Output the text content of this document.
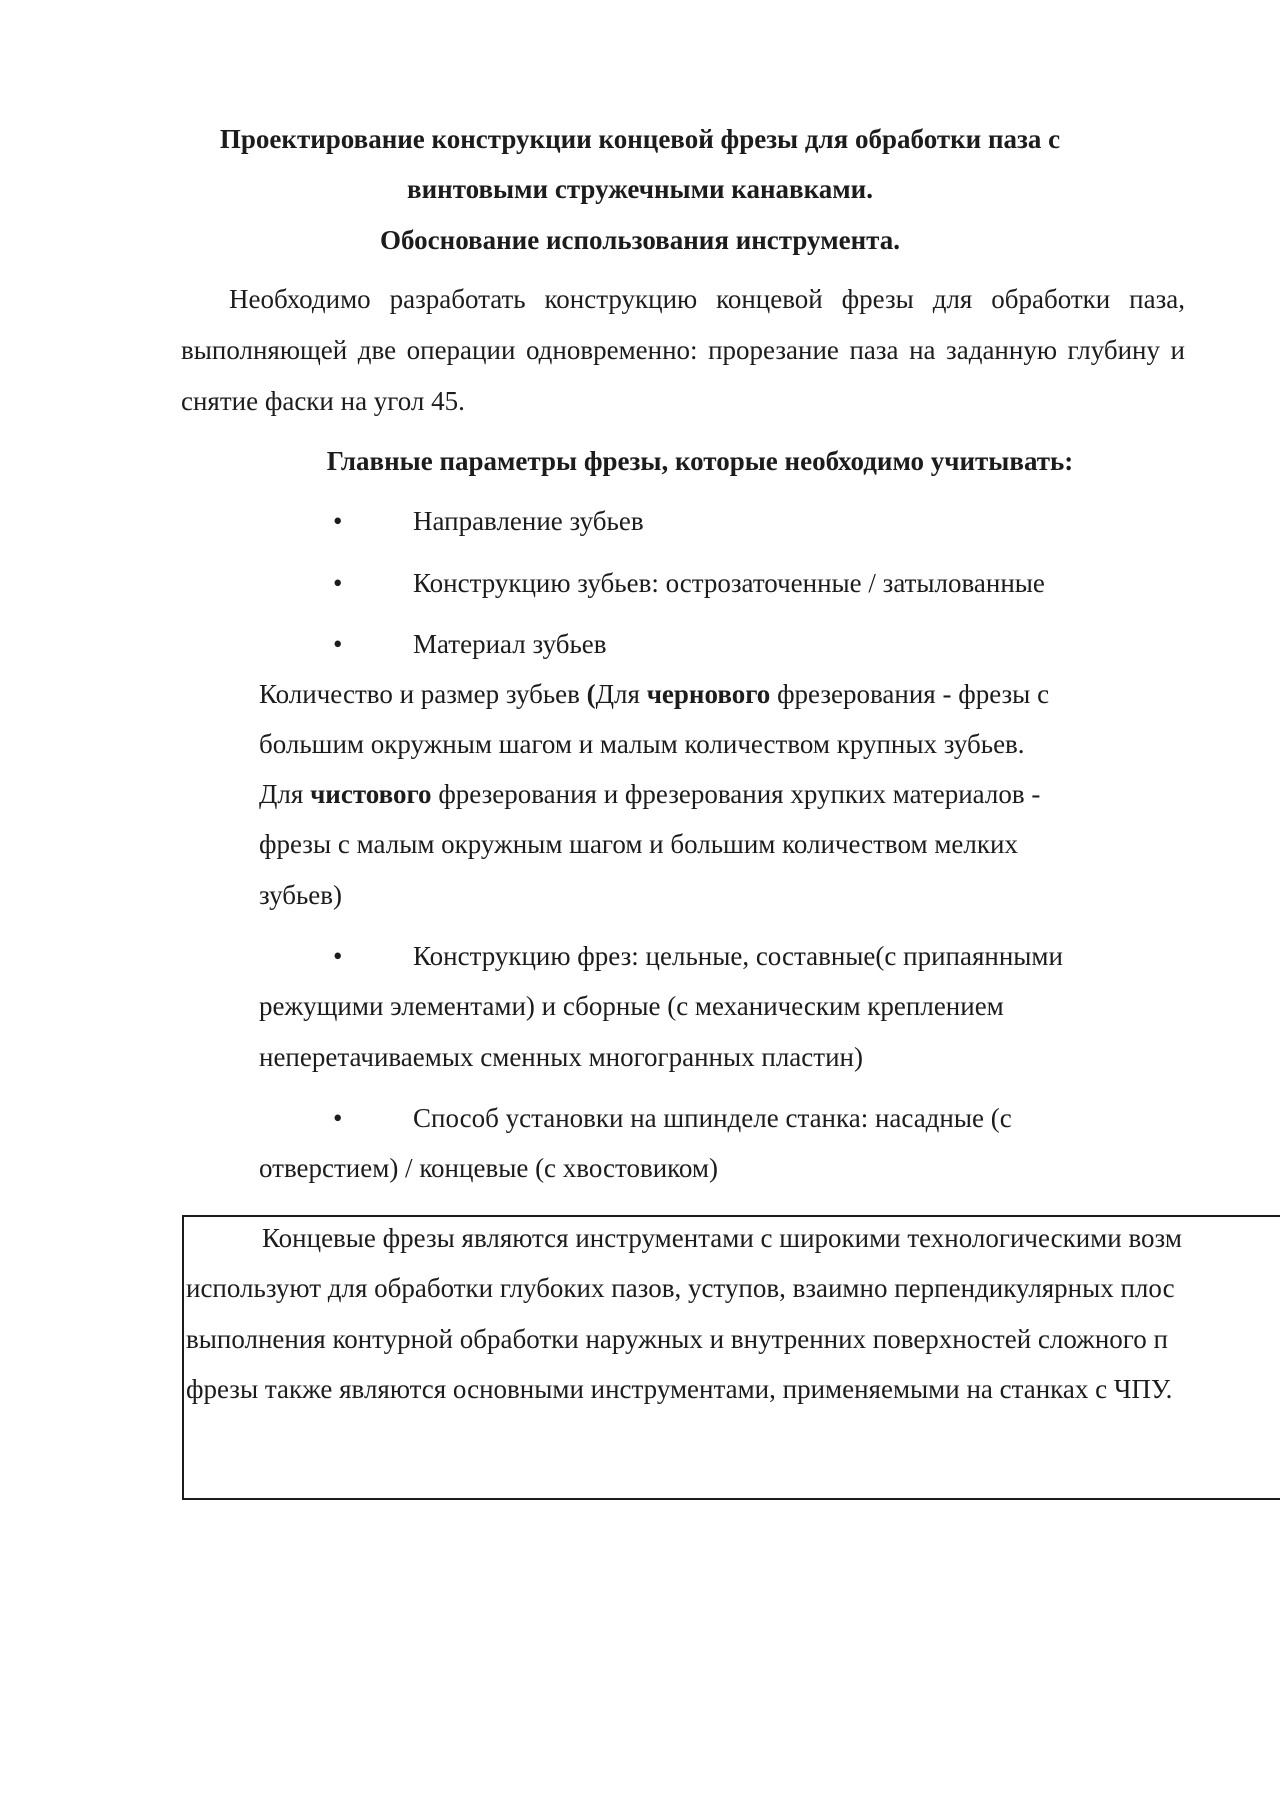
Проектирование конструкции концевой фрезы для обработки паза с
винтовыми стружечными канавками.
Обоснование использования инструмента.
Необходимо разработать конструкцию концевой фрезы для обработки паза, выполняющей две операции одновременно: прорезание паза на заданную глубину и снятие фаски на угол 45.
Главные параметры фрезы, которые необходимо учитывать:
•	Направление зубьев
•	Конструкцию зубьев: острозаточенные / затылованные
•	Материал зубьев
Количество и размер зубьев (Для чернового фрезерования - фрезы с
большим окружным шагом и малым количеством крупных зубьев.
Для чистового фрезерования и фрезерования хрупких материалов -
фрезы с малым окружным шагом и большим количеством мелких
зубьев)
•	Конструкцию фрез: цельные, составные(с припаянными
режущими элементами) и сборные (с механическим креплением
неперетачиваемых сменных многогранных пластин)
•	Способ установки на шпинделе станка: насадные (с
отверстием) / концевые (с хвостовиком)
Концевые фрезы являются инструментами с широкими технологическими возм
используют для обработки глубоких пазов, уступов, взаимно перпендикулярных плос
выполнения контурной обработки наружных и внутренних поверхностей сложного п
фрезы также являются основными инструментами, применяемыми на станках с ЧПУ.
